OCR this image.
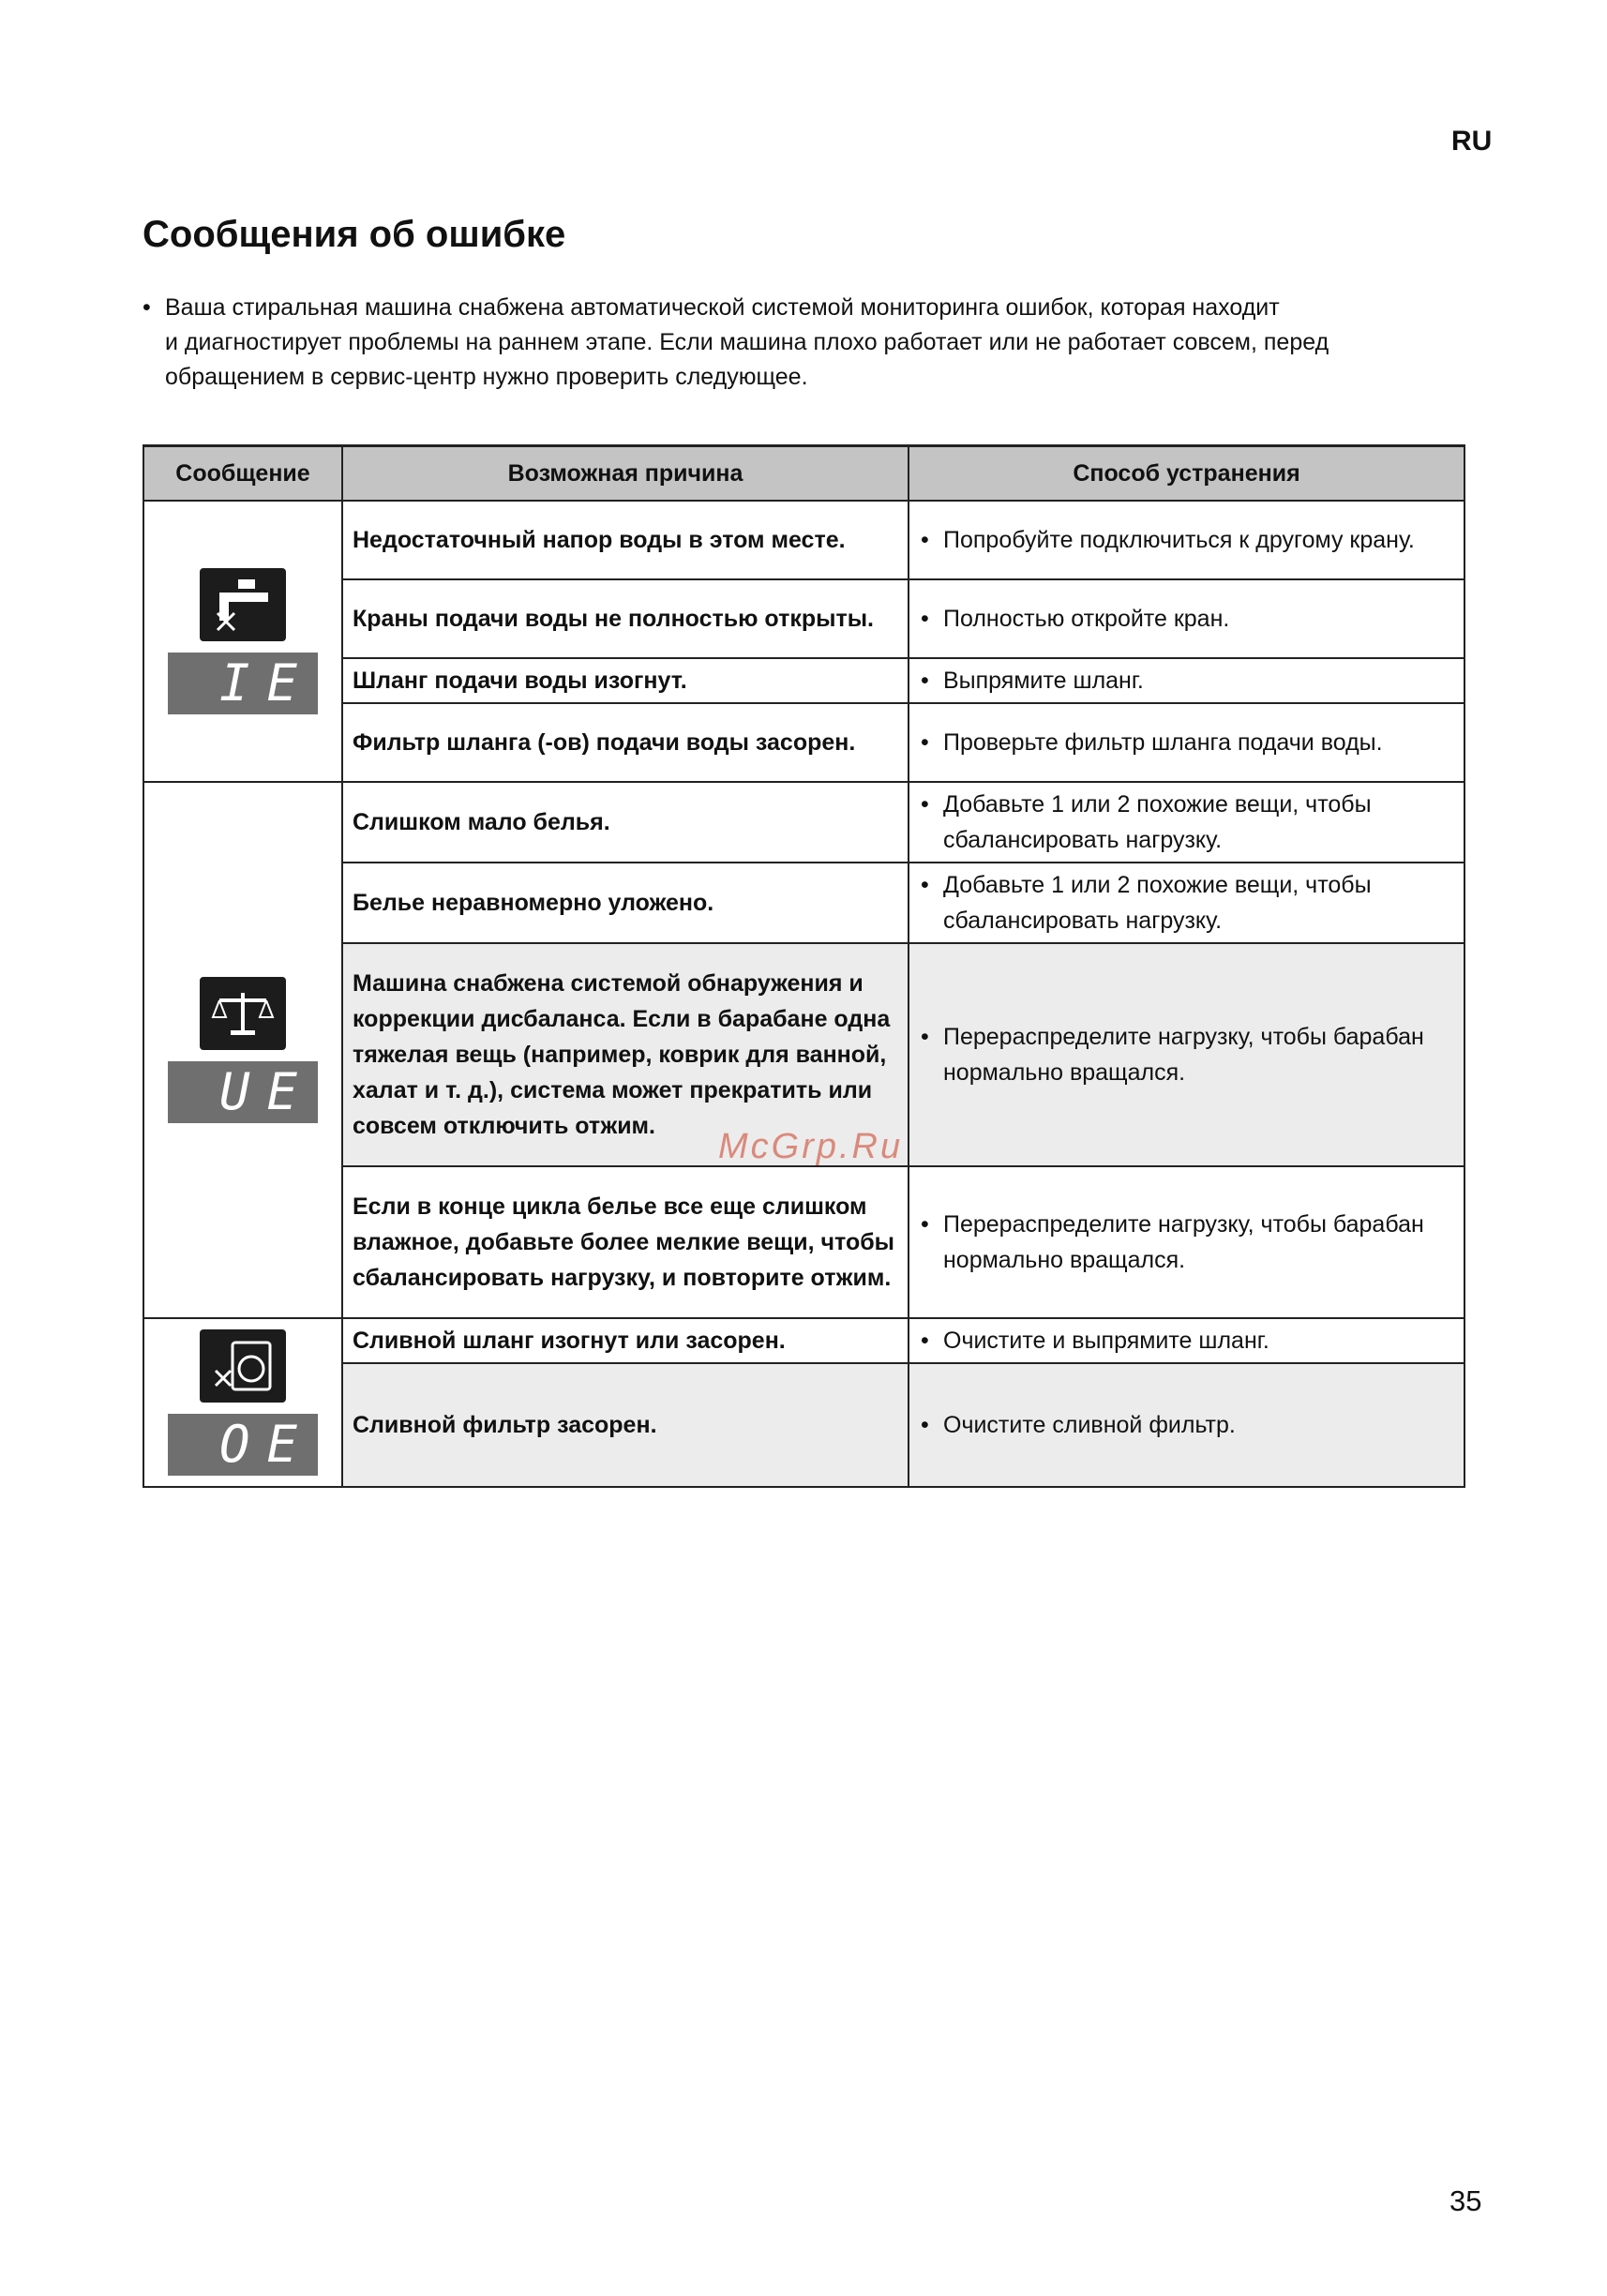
RU
Сообщения об ошибке
• Ваша стиральная машина снабжена автоматической системой мониторинга ошибок, которая находит

и диагностирует проблемы на раннем этапе. Если машина плохо работает или не работает совсем, перед

обращением в сервис-центр нужно проверить следующее.

Сообщение	Возможная причина	Способ устранения

IE	Недостаточный напор воды в этом месте.	• Попробуйте подключиться к другому крану.
	Краны подачи воды не полностью открыты.	• Полностью откройте кран.
	Шланг подачи воды изогнут.	• Выпрямите шланг.
	Фильтр шланга (-ов) подачи воды засорен.	• Проверьте фильтр шланга подачи воды.

UE	Слишком мало белья.	• Добавьте 1 или 2 похожие вещи, чтобы сбалансировать нагрузку.
	Белье неравномерно уложено.	• Добавьте 1 или 2 похожие вещи, чтобы сбалансировать нагрузку.
	Машина снабжена системой обнаружения и коррекции дисбаланса. Если в барабане одна тяжелая вещь (например, коврик для ванной, халат и т. д.), система может прекратить или совсем отключить отжим.	• Перераспределите нагрузку, чтобы барабан нормально вращался.
	Если в конце цикла белье все еще слишком влажное, добавьте более мелкие вещи, чтобы сбалансировать нагрузку, и повторите отжим.	• Перераспределите нагрузку, чтобы барабан нормально вращался.

OE	Сливной шланг изогнут или засорен.	• Очистите и выпрямите шланг.
	Сливной фильтр засорен.	• Очистите сливной фильтр.
McGrp.Ru
35
